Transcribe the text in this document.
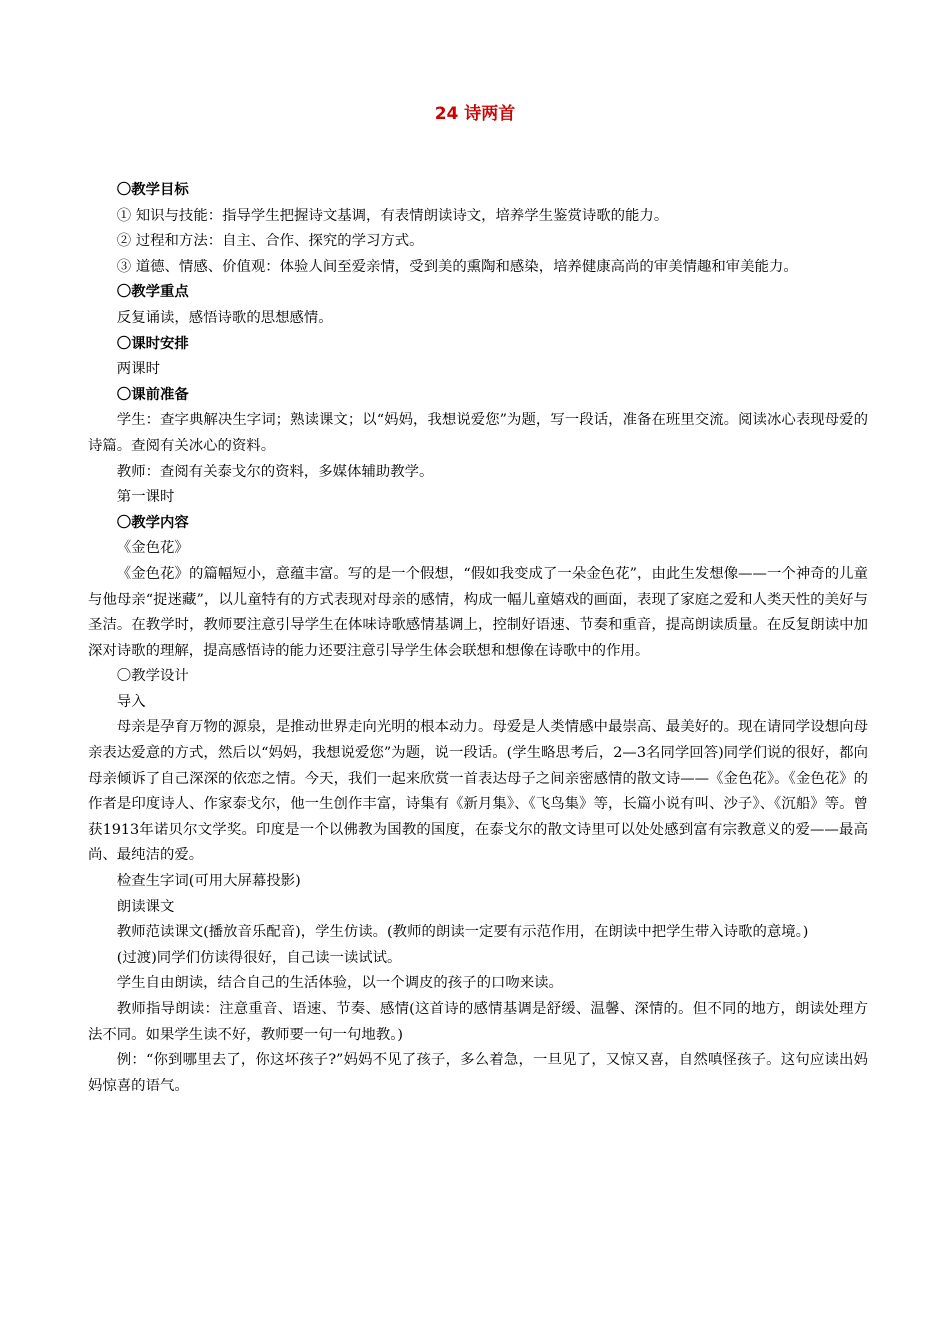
24 诗两首

〇教学目标

① 知识与技能：指导学生把握诗文基调，有表情朗读诗文，培养学生鉴赏诗歌的能力。

② 过程和方法：自主、合作、探究的学习方式。

③ 道德、情感、价值观：体验人间至爱亲情，受到美的熏陶和感染，培养健康高尚的审美情趣和审美能力。

〇教学重点

反复诵读，感悟诗歌的思想感情。

〇课时安排

两课时

〇课前准备

学生：查字典解决生字词；熟读课文；以“妈妈，我想说爱您”为题，写一段话，准备在班里交流。阅读冰心表现母爱的诗篇。查阅有关冰心的资料。

教师：查阅有关泰戈尔的资料，多媒体辅助教学。

第一课时

〇教学内容

《金色花》

《金色花》的篇幅短小，意蕴丰富。写的是一个假想，“假如我变成了一朵金色花”，由此生发想像——一个神奇的儿童与他母亲“捉迷藏”，以儿童特有的方式表现对母亲的感情，构成一幅儿童嬉戏的画面，表现了家庭之爱和人类天性的美好与圣洁。在教学时，教师要注意引导学生在体味诗歌感情基调上，控制好语速、节奏和重音，提高朗读质量。在反复朗读中加深对诗歌的理解，提高感悟诗的能力还要注意引导学生体会联想和想像在诗歌中的作用。

〇教学设计

导入

母亲是孕育万物的源泉，是推动世界走向光明的根本动力。母爱是人类情感中最崇高、最美好的。现在请同学设想向母亲表达爱意的方式，然后以“妈妈，我想说爱您”为题，说一段话。(学生略思考后，2—3名同学回答)同学们说的很好，都向母亲倾诉了自己深深的依恋之情。今天，我们一起来欣赏一首表达母子之间亲密感情的散文诗——《金色花》。《金色花》的作者是印度诗人、作家泰戈尔，他一生创作丰富，诗集有《新月集》、《飞鸟集》等，长篇小说有叫、沙子》、《沉船》等。曾获1913年诺贝尔文学奖。印度是一个以佛教为国教的国度，在泰戈尔的散文诗里可以处处感到富有宗教意义的爱——最高尚、最纯洁的爱。

检查生字词(可用大屏幕投影)

朗读课文

教师范读课文(播放音乐配音)，学生仿读。(教师的朗读一定要有示范作用，在朗读中把学生带入诗歌的意境。)

(过渡)同学们仿读得很好，自己读一读试试。

学生自由朗读，结合自己的生活体验，以一个调皮的孩子的口吻来读。

教师指导朗读：注意重音、语速、节奏、感情(这首诗的感情基调是舒缓、温馨、深情的。但不同的地方，朗读处理方法不同。如果学生读不好，教师要一句一句地教。)

例：“你到哪里去了，你这坏孩子?”妈妈不见了孩子，多么着急，一旦见了，又惊又喜，自然嗔怪孩子。这句应读出妈妈惊喜的语气。
